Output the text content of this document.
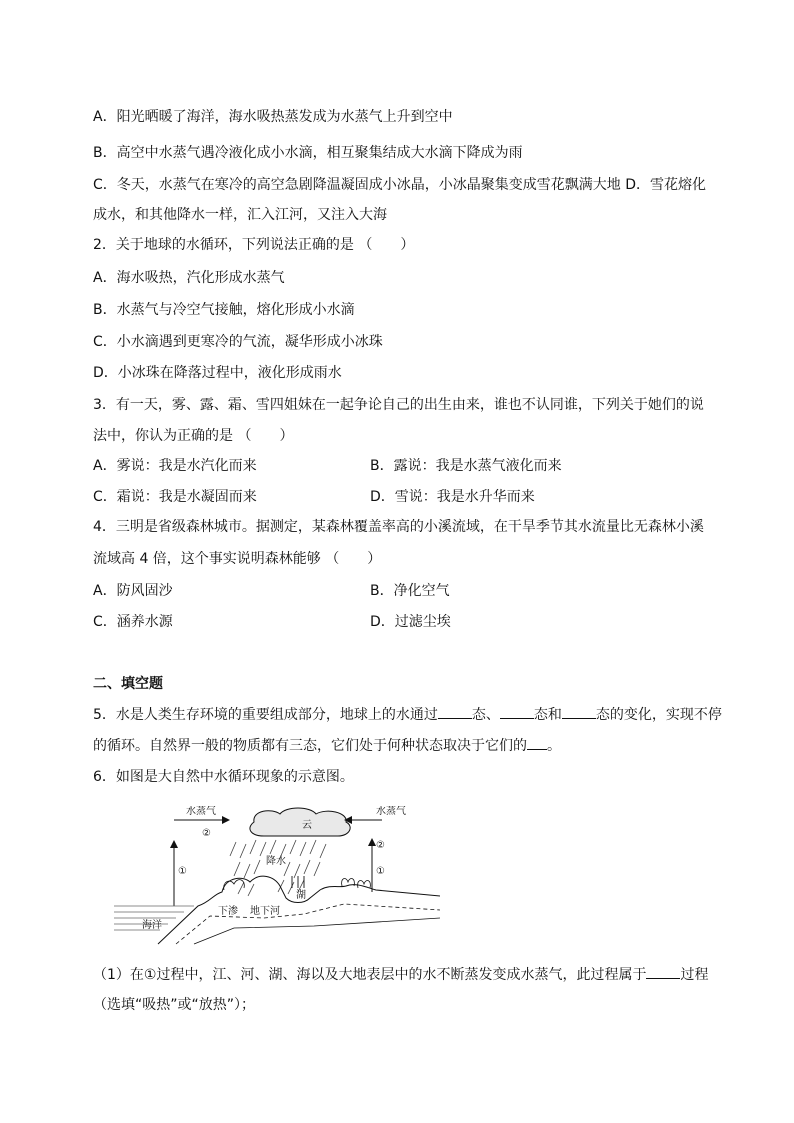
A．阳光晒暖了海洋，海水吸热蒸发成为水蒸气上升到空中
B．高空中水蒸气遇冷液化成小水滴，相互聚集结成大水滴下降成为雨
C．冬天，水蒸气在寒冷的高空急剧降温凝固成小冰晶，小冰晶聚集变成雪花飘满大地 D．雪花熔化
成水，和其他降水一样，汇入江河，又注入大海
2．关于地球的水循环，下列说法正确的是 （　　）
A．海水吸热，汽化形成水蒸气
B．水蒸气与冷空气接触，熔化形成小水滴
C．小水滴遇到更寒冷的气流，凝华形成小冰珠
D．小冰珠在降落过程中，液化形成雨水
3．有一天，雾、露、霜、雪四姐妹在一起争论自己的出生由来，谁也不认同谁，下列关于她们的说
法中，你认为正确的是 （　　）
A．雾说：我是水汽化而来	B．露说：我是水蒸气液化而来
C．霜说：我是水凝固而来	D．雪说：我是水升华而来
4．三明是省级森林城市。据测定，某森林覆盖率高的小溪流域，在干旱季节其水流量比无森林小溪
流域高 4 倍，这个事实说明森林能够 （　　）
A．防风固沙	B．净化空气
C．涵养水源	D．过滤尘埃
二、填空题
5．水是人类生存环境的重要组成部分，地球上的水通过 态、 态和 态的变化，实现不停
的循环。自然界一般的物质都有三态，它们处于何种状态取决于它们的 。
6．如图是大自然中水循环现象的示意图。
水蒸气
②
①
云
降水
水蒸气
②
①
湖
海洋
下渗 地下河
（1）在①过程中，江、河、湖、海以及大地表层中的水不断蒸发变成水蒸气，此过程属于 过程
（选填“吸热”或“放热”）；
